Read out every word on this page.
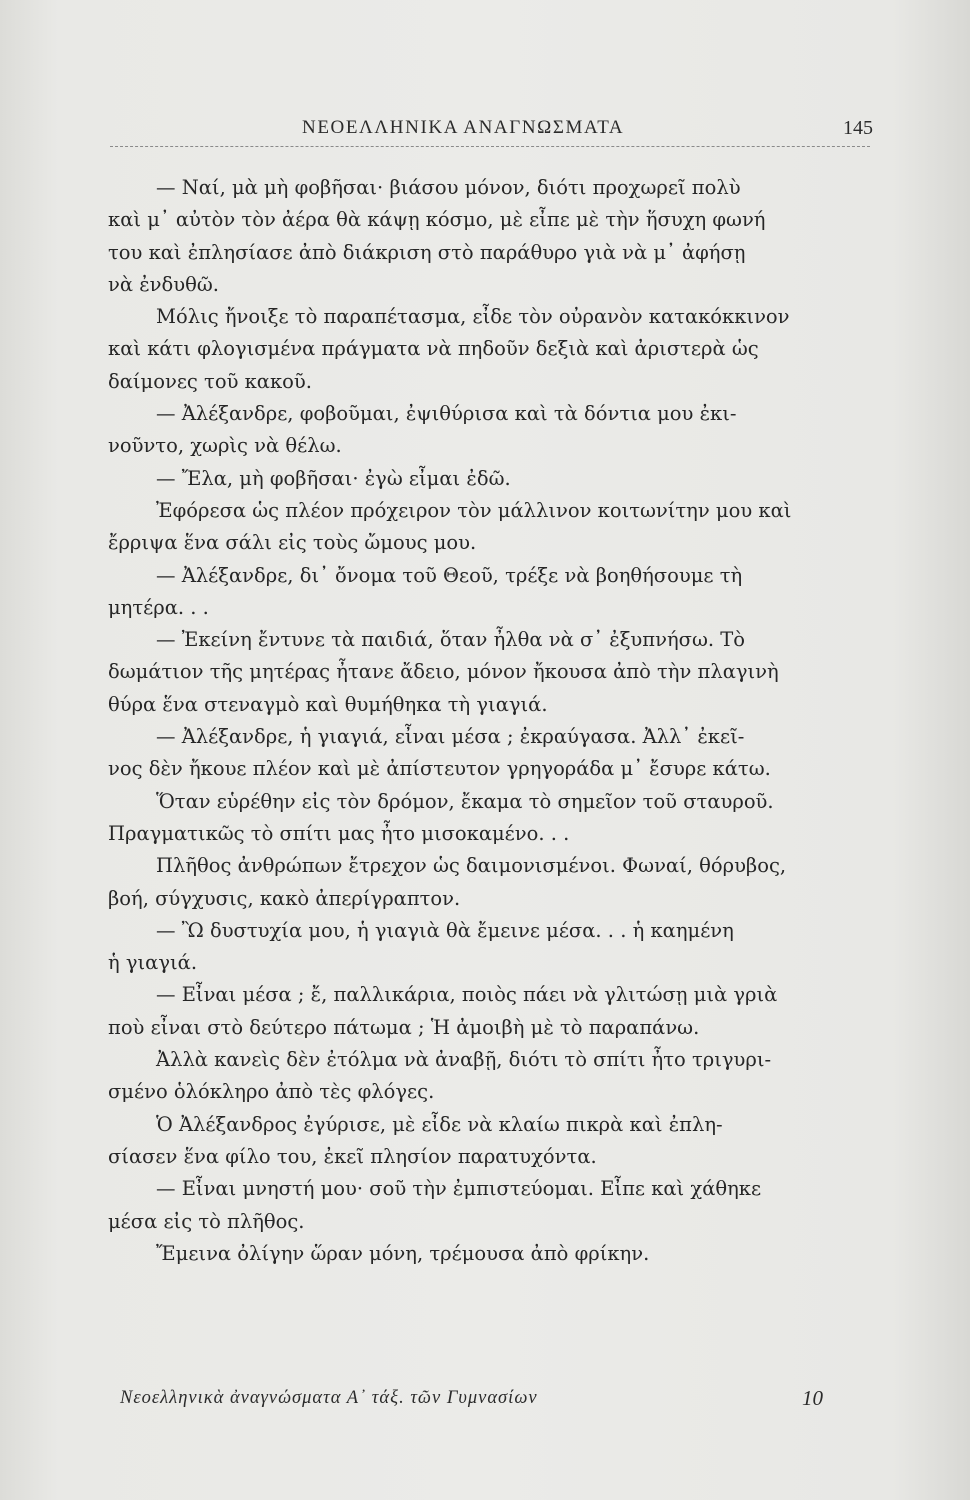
ΝΕΟΕΛΛΗΝΙΚΑ ΑΝΑΓΝΩΣΜΑΤΑ	145
— Ναί, μὰ μὴ φοβῆσαι· βιάσου μόνον, διότι προχωρεῖ πολὺ
καὶ μ᾽ αὐτὸν τὸν ἀέρα θὰ κάψῃ κόσμο, μὲ εἶπε μὲ τὴν ἥσυχη φωνή
του καὶ ἐπλησίασε ἀπὸ διάκριση στὸ παράθυρο γιὰ νὰ μ᾽ ἀφήσῃ
νὰ ἐνδυθῶ.
Μόλις ἤνοιξε τὸ παραπέτασμα, εἶδε τὸν οὐρανὸν κατακόκκινον
καὶ κάτι φλογισμένα πράγματα νὰ πηδοῦν δεξιὰ καὶ ἀριστερὰ ὡς
δαίμονες τοῦ κακοῦ.
— Ἀλέξανδρε, φοβοῦμαι, ἐψιθύρισα καὶ τὰ δόντια μου ἐκι-
νοῦντο, χωρὶς νὰ θέλω.
— Ἔλα, μὴ φοβῆσαι· ἐγὼ εἶμαι ἐδῶ.
Ἐφόρεσα ὡς πλέον πρόχειρον τὸν μάλλινον κοιτωνίτην μου καὶ
ἔρριψα ἕνα σάλι εἰς τοὺς ὤμους μου.
— Ἀλέξανδρε, δι᾽ ὄνομα τοῦ Θεοῦ, τρέξε νὰ βοηθήσουμε τὴ
μητέρα. . .
— Ἐκείνη ἔντυνε τὰ παιδιά, ὅταν ἦλθα νὰ σ᾽ ἐξυπνήσω. Τὸ
δωμάτιον τῆς μητέρας ἦτανε ἄδειο, μόνον ἤκουσα ἀπὸ τὴν πλαγινὴ
θύρα ἕνα στεναγμὸ καὶ θυμήθηκα τὴ γιαγιά.
— Ἀλέξανδρε, ἡ γιαγιά, εἶναι μέσα ; ἐκραύγασα. Ἀλλ᾽ ἐκεῖ-
νος δὲν ἤκουε πλέον καὶ μὲ ἀπίστευτον γρηγοράδα μ᾽ ἔσυρε κάτω.
Ὅταν εὑρέθην εἰς τὸν δρόμον, ἔκαμα τὸ σημεῖον τοῦ σταυροῦ.
Πραγματικῶς τὸ σπίτι μας ἦτο μισοκαμένο. . .
Πλῆθος ἀνθρώπων ἔτρεχον ὡς δαιμονισμένοι. Φωναί, θόρυβος,
βοή, σύγχυσις, κακὸ ἀπερίγραπτον.
— Ὢ δυστυχία μου, ἡ γιαγιὰ θὰ ἔμεινε μέσα. . . ἡ καημένη
ἡ γιαγιά.
— Εἶναι μέσα ; ἔ, παλλικάρια, ποιὸς πάει νὰ γλιτώσῃ μιὰ γριὰ
ποὺ εἶναι στὸ δεύτερο πάτωμα ; Ἡ ἀμοιβὴ μὲ τὸ παραπάνω.
Ἀλλὰ κανεὶς δὲν ἐτόλμα νὰ ἀναβῇ, διότι τὸ σπίτι ἦτο τριγυρι-
σμένο ὁλόκληρο ἀπὸ τὲς φλόγες.
Ὁ Ἀλέξανδρος ἐγύρισε, μὲ εἶδε νὰ κλαίω πικρὰ καὶ ἐπλη-
σίασεν ἕνα φίλο του, ἐκεῖ πλησίον παρατυχόντα.
— Εἶναι μνηστή μου· σοῦ τὴν ἐμπιστεύομαι. Εἶπε καὶ χάθηκε
μέσα εἰς τὸ πλῆθος.
Ἔμεινα ὀλίγην ὥραν μόνη, τρέμουσα ἀπὸ φρίκην.
Νεοελληνικὰ ἀναγνώσματα Α᾽ τάξ. τῶν Γυμνασίων	10
